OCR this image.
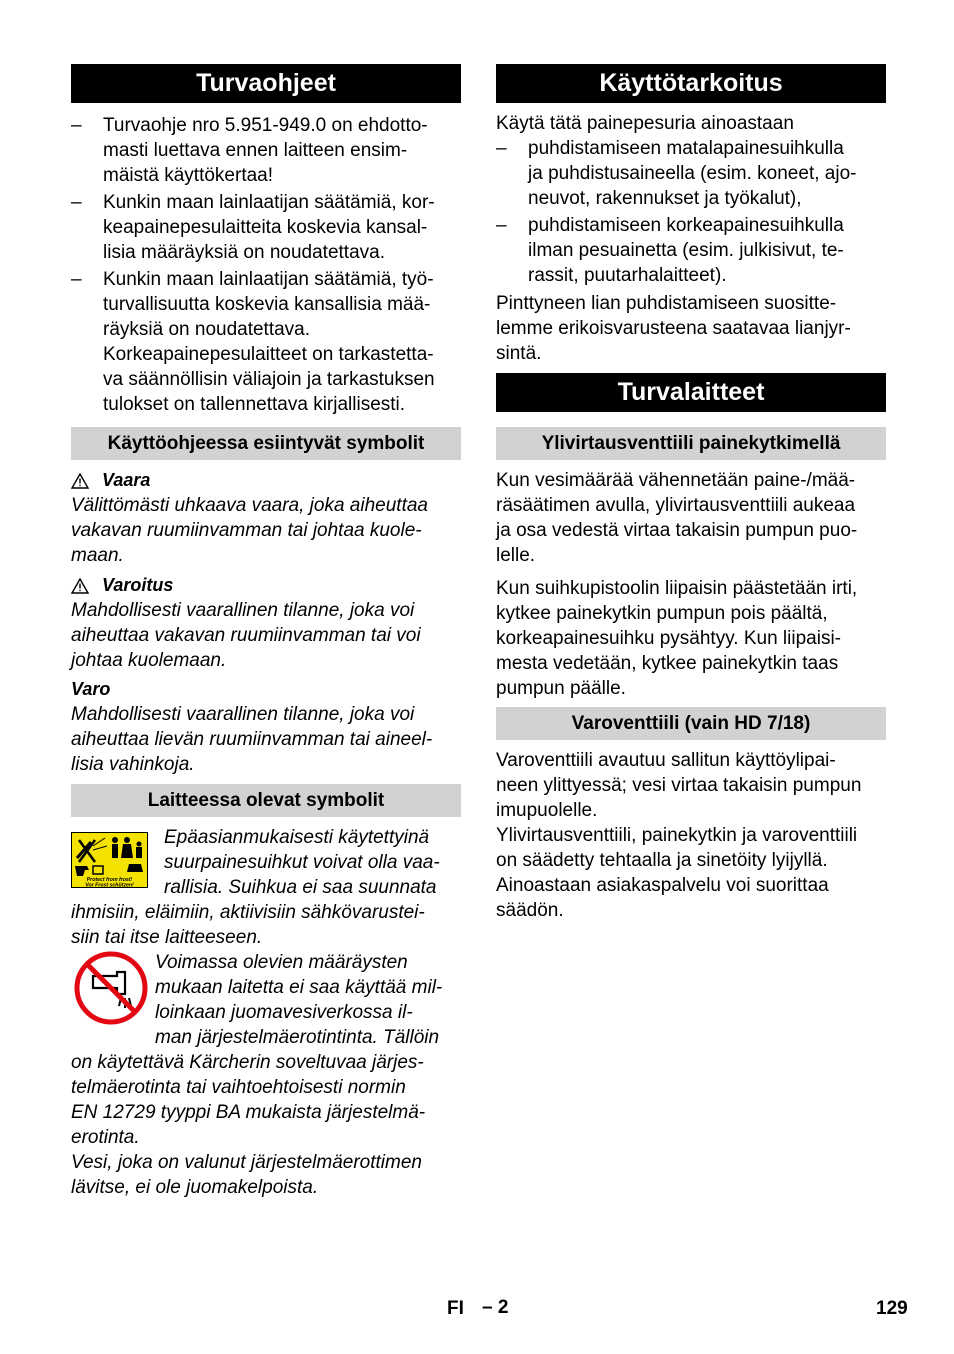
Turvaohjeet
–	Turvaohje nro 5.951-949.0 on ehdotto-
masti luettava ennen laitteen ensim-
mäistä käyttökertaa!
–	Kunkin maan lainlaatijan säätämiä, kor-
keapainepesulaitteita koskevia kansal-
lisia määräyksiä on noudatettava.
–	Kunkin maan lainlaatijan säätämiä, työ-
turvallisuutta koskevia kansallisia mää-
räyksiä on noudatettava.
Korkeapainepesulaitteet on tarkastetta-
va säännöllisin väliajoin ja tarkastuksen
tulokset on tallennettava kirjallisesti.
Käyttöohjeessa esiintyvät symbolit
Vaara
Välittömästi uhkaava vaara, joka aiheuttaa
vakavan ruumiinvamman tai johtaa kuole-
maan.
Varoitus
Mahdollisesti vaarallinen tilanne, joka voi
aiheuttaa vakavan ruumiinvamman tai voi
johtaa kuolemaan.
Varo
Mahdollisesti vaarallinen tilanne, joka voi
aiheuttaa lievän ruumiinvamman tai aineel-
lisia vahinkoja.
Laitteessa olevat symbolit
Protect from frost!
Vor Frost schützen!
Epäasianmukaisesti käytettyinä
suurpainesuihkut voivat olla vaa-
rallisia. Suihkua ei saa suunnata
ihmisiin, eläimiin, aktiivisiin sähkövarustei-
siin tai itse laitteeseen.
Voimassa olevien määräysten
mukaan laitetta ei saa käyttää mil-
loinkaan juomavesiverkossa il-
man järjestelmäerotintinta. Tällöin
on käytettävä Kärcherin soveltuvaa järjes-
telmäerotinta tai vaihtoehtoisesti normin
EN 12729 tyyppi BA mukaista järjestelmä-
erotinta.
Vesi, joka on valunut järjestelmäerottimen
lävitse, ei ole juomakelpoista.
Käyttötarkoitus
Käytä tätä painepesuria ainoastaan
–	puhdistamiseen matalapainesuihkulla
ja puhdistusaineella (esim. koneet, ajo-
neuvot, rakennukset ja työkalut),
–	puhdistamiseen korkeapainesuihkulla
ilman pesuainetta (esim. julkisivut, te-
rassit, puutarhalaitteet).
Pinttyneen lian puhdistamiseen suositte-
lemme erikoisvarusteena saatavaa lianjyr-
sintä.
Turvalaitteet
Ylivirtausventtiili painekytkimellä
Kun vesimäärää vähennetään paine-/mää-
räsäätimen avulla, ylivirtausventtiili aukeaa
ja osa vedestä virtaa takaisin pumpun puo-
lelle.
Kun suihkupistoolin liipaisin päästetään irti,
kytkee painekytkin pumpun pois päältä,
korkeapainesuihku pysähtyy. Kun liipaisi-
mesta vedetään, kytkee painekytkin taas
pumpun päälle.
Varoventtiili (vain HD 7/18)
Varoventtiili avautuu sallitun käyttöylipai-
neen ylittyessä; vesi virtaa takaisin pumpun
imupuolelle.
Ylivirtausventtiili, painekytkin ja varoventtiili
on säädetty tehtaalla ja sinetöity lyijyllä.
Ainoastaan asiakaspalvelu voi suorittaa
säädön.
FI – 2	129
